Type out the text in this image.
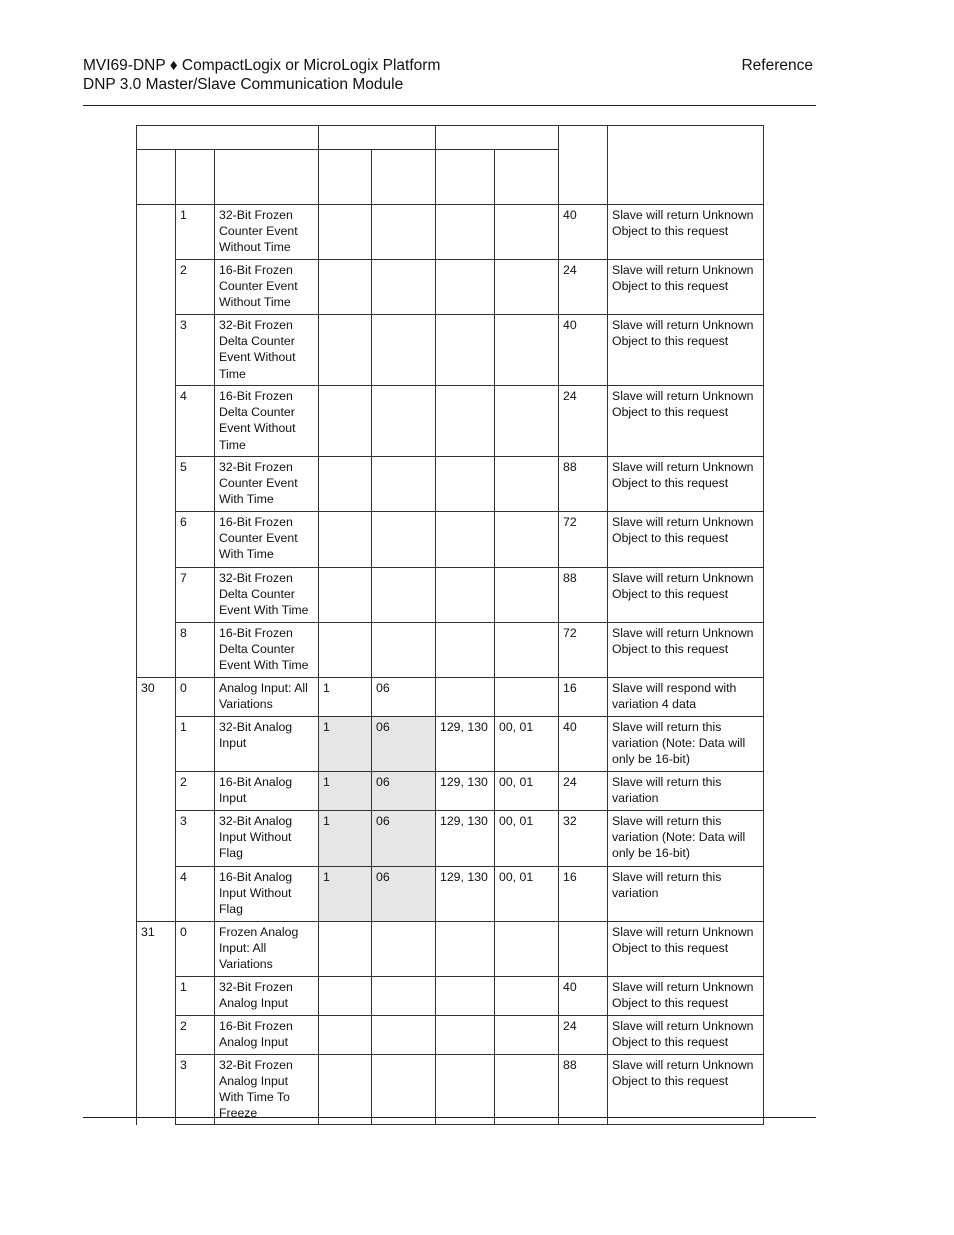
MVI69-DNP ♦ CompactLogix or MicroLogix Platform
DNP 3.0 Master/Slave Communication Module
Reference

	1	32-Bit Frozen Counter Event Without Time					40	Slave will return Unknown Object to this request
	2	16-Bit Frozen Counter Event Without Time					24	Slave will return Unknown Object to this request
	3	32-Bit Frozen Delta Counter Event Without Time					40	Slave will return Unknown Object to this request
	4	16-Bit Frozen Delta Counter Event Without Time					24	Slave will return Unknown Object to this request
	5	32-Bit Frozen Counter Event With Time					88	Slave will return Unknown Object to this request
	6	16-Bit Frozen Counter Event With Time					72	Slave will return Unknown Object to this request
	7	32-Bit Frozen Delta Counter Event With Time					88	Slave will return Unknown Object to this request
	8	16-Bit Frozen Delta Counter Event With Time					72	Slave will return Unknown Object to this request
30	0	Analog Input: All Variations	1	06			16	Slave will respond with variation 4 data
	1	32-Bit Analog Input	1	06	129, 130	00, 01	40	Slave will return this variation (Note: Data will only be 16-bit)
	2	16-Bit Analog Input	1	06	129, 130	00, 01	24	Slave will return this variation
	3	32-Bit Analog Input Without Flag	1	06	129, 130	00, 01	32	Slave will return this variation (Note: Data will only be 16-bit)
	4	16-Bit Analog Input Without Flag	1	06	129, 130	00, 01	16	Slave will return this variation
31	0	Frozen Analog Input: All Variations						Slave will return Unknown Object to this request
	1	32-Bit Frozen Analog Input					40	Slave will return Unknown Object to this request
	2	16-Bit Frozen Analog Input					24	Slave will return Unknown Object to this request
	3	32-Bit Frozen Analog Input With Time To Freeze					88	Slave will return Unknown Object to this request
